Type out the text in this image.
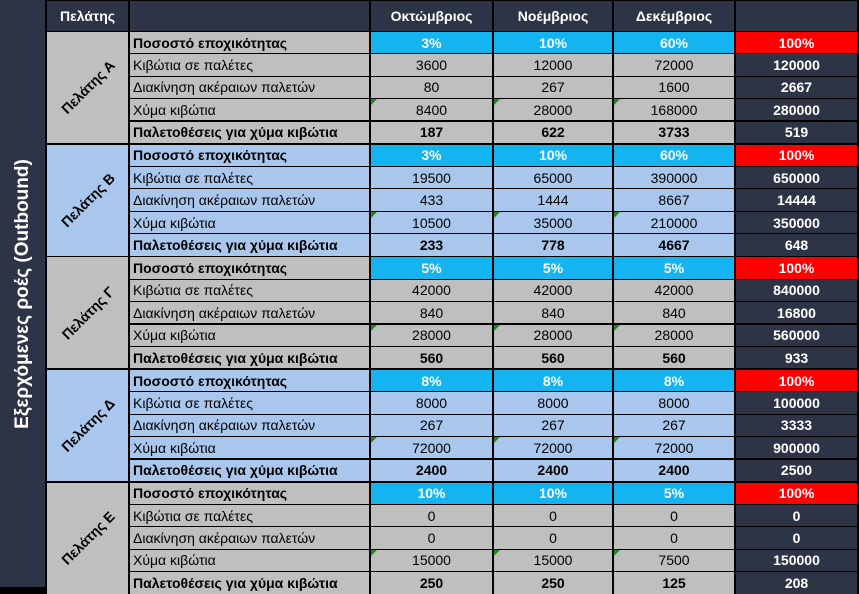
Εξερχόμενες ροές (Outbound)
Πελάτης	Οκτώμβριος	Νοέμβριος	Δεκέμβριος
Πελάτης Α
Ποσοστό εποχικότητας	3%	10%	60%	100%
Κιβώτια σε παλέτες	3600	12000	72000	120000
Διακίνηση ακέραιων παλετών	80	267	1600	2667
Χύμα κιβώτια	8400	28000	168000	280000
Παλετοθέσεις για χύμα κιβώτια	187	622	3733	519
Πελάτης Β
Ποσοστό εποχικότητας	3%	10%	60%	100%
Κιβώτια σε παλέτες	19500	65000	390000	650000
Διακίνηση ακέραιων παλετών	433	1444	8667	14444
Χύμα κιβώτια	10500	35000	210000	350000
Παλετοθέσεις για χύμα κιβώτια	233	778	4667	648
Πελάτης Γ
Ποσοστό εποχικότητας	5%	5%	5%	100%
Κιβώτια σε παλέτες	42000	42000	42000	840000
Διακίνηση ακέραιων παλετών	840	840	840	16800
Χύμα κιβώτια	28000	28000	28000	560000
Παλετοθέσεις για χύμα κιβώτια	560	560	560	933
Πελάτης Δ
Ποσοστό εποχικότητας	8%	8%	8%	100%
Κιβώτια σε παλέτες	8000	8000	8000	100000
Διακίνηση ακέραιων παλετών	267	267	267	3333
Χύμα κιβώτια	72000	72000	72000	900000
Παλετοθέσεις για χύμα κιβώτια	2400	2400	2400	2500
Πελάτης Ε
Ποσοστό εποχικότητας	10%	10%	5%	100%
Κιβώτια σε παλέτες	0	0	0	0
Διακίνηση ακέραιων παλετών	0	0	0	0
Χύμα κιβώτια	15000	15000	7500	150000
Παλετοθέσεις για χύμα κιβώτια	250	250	125	208
